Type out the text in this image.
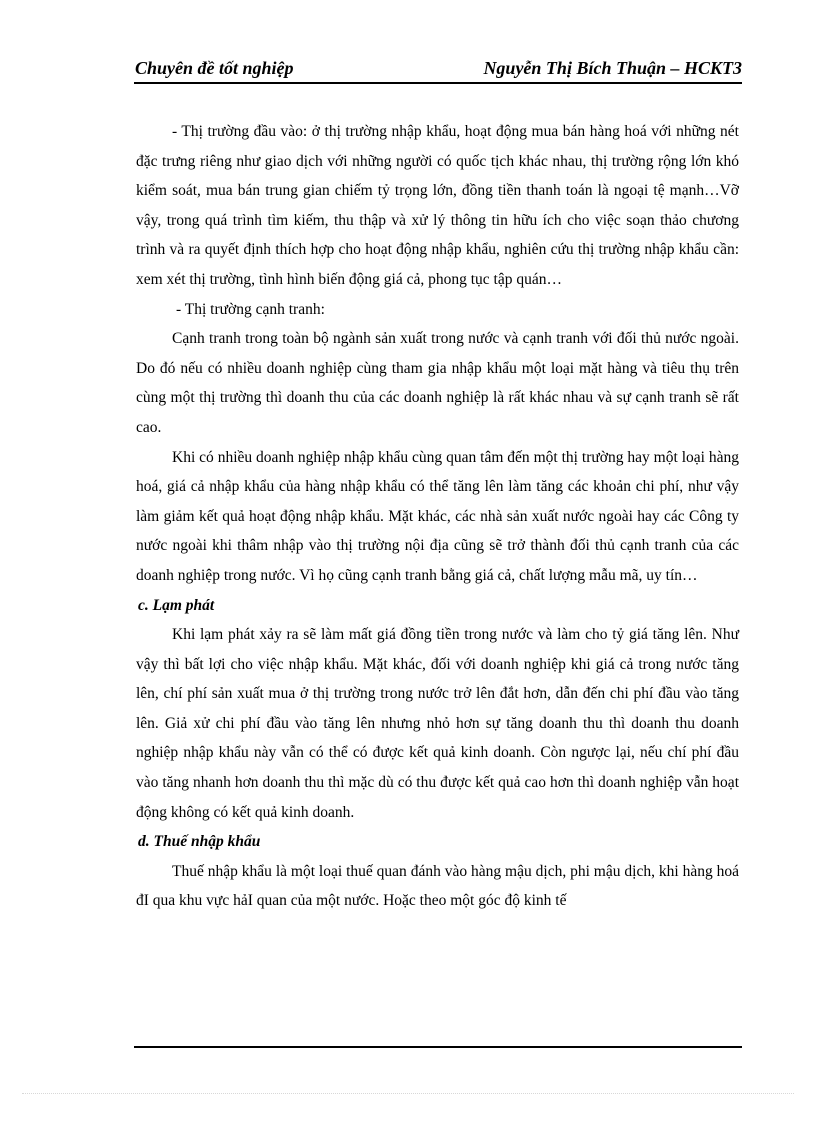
Chuyên đề tốt nghiệp	Nguyễn Thị Bích Thuận – HCKT3

- Thị trường đầu vào: ở thị trường nhập khẩu, hoạt động mua bán hàng hoá với những nét đặc trưng riêng như giao dịch với những người có quốc tịch khác nhau, thị trường rộng lớn khó kiểm soát, mua bán trung gian chiếm tỷ trọng lớn, đồng tiền thanh toán là ngoại tệ mạnh…Vỡ vậy, trong quá trình tìm kiếm, thu thập và xử lý thông tin hữu ích cho việc soạn thảo chương trình và ra quyết định thích hợp cho hoạt động nhập khẩu, nghiên cứu thị trường nhập khẩu cần: xem xét thị trường, tình hình biến động giá cả, phong tục tập quán…

- Thị trường cạnh tranh:

Cạnh tranh trong toàn bộ ngành sản xuất trong nước và cạnh tranh với đối thủ nước ngoài. Do đó nếu có nhiều doanh nghiệp cùng tham gia nhập khẩu một loại mặt hàng và tiêu thụ trên cùng một thị trường thì doanh thu của các doanh nghiệp là rất khác nhau và sự cạnh tranh sẽ rất cao.

Khi có nhiều doanh nghiệp nhập khẩu cùng quan tâm đến một thị trường hay một loại hàng hoá, giá cả nhập khẩu của hàng nhập khẩu có thể tăng lên làm tăng các khoản chi phí, như vậy làm giảm kết quả hoạt động nhập khẩu. Mặt khác, các nhà sản xuất nước ngoài hay các Công ty nước ngoài khi thâm nhập vào thị trường nội địa cũng sẽ trở thành đối thủ cạnh tranh của các doanh nghiệp trong nước. Vì họ cũng cạnh tranh bằng giá cả, chất lượng mẫu mã, uy tín…

c. Lạm phát

Khi lạm phát xảy ra sẽ làm mất giá đồng tiền trong nước và làm cho tỷ giá tăng lên. Như vậy thì bất lợi cho việc nhập khẩu. Mặt khác, đối với doanh nghiệp khi giá cả trong nước tăng lên, chí phí sản xuất mua ở thị trường trong nước trở lên đắt hơn, dẫn đến chi phí đầu vào tăng lên. Giả xử chi phí đầu vào tăng lên nhưng nhỏ hơn sự tăng doanh thu thì doanh thu doanh nghiệp nhập khẩu này vẫn có thể có được kết quả kinh doanh. Còn ngược lại, nếu chí phí đầu vào tăng nhanh hơn doanh thu thì mặc dù có thu được kết quả cao hơn thì doanh nghiệp vẫn hoạt động không có kết quả kinh doanh.

d. Thuế nhập khẩu

Thuế nhập khẩu là một loại thuế quan đánh vào hàng mậu dịch, phi mậu dịch, khi hàng hoá đI qua khu vực hảI quan của một nước. Hoặc theo một góc độ kinh tế
